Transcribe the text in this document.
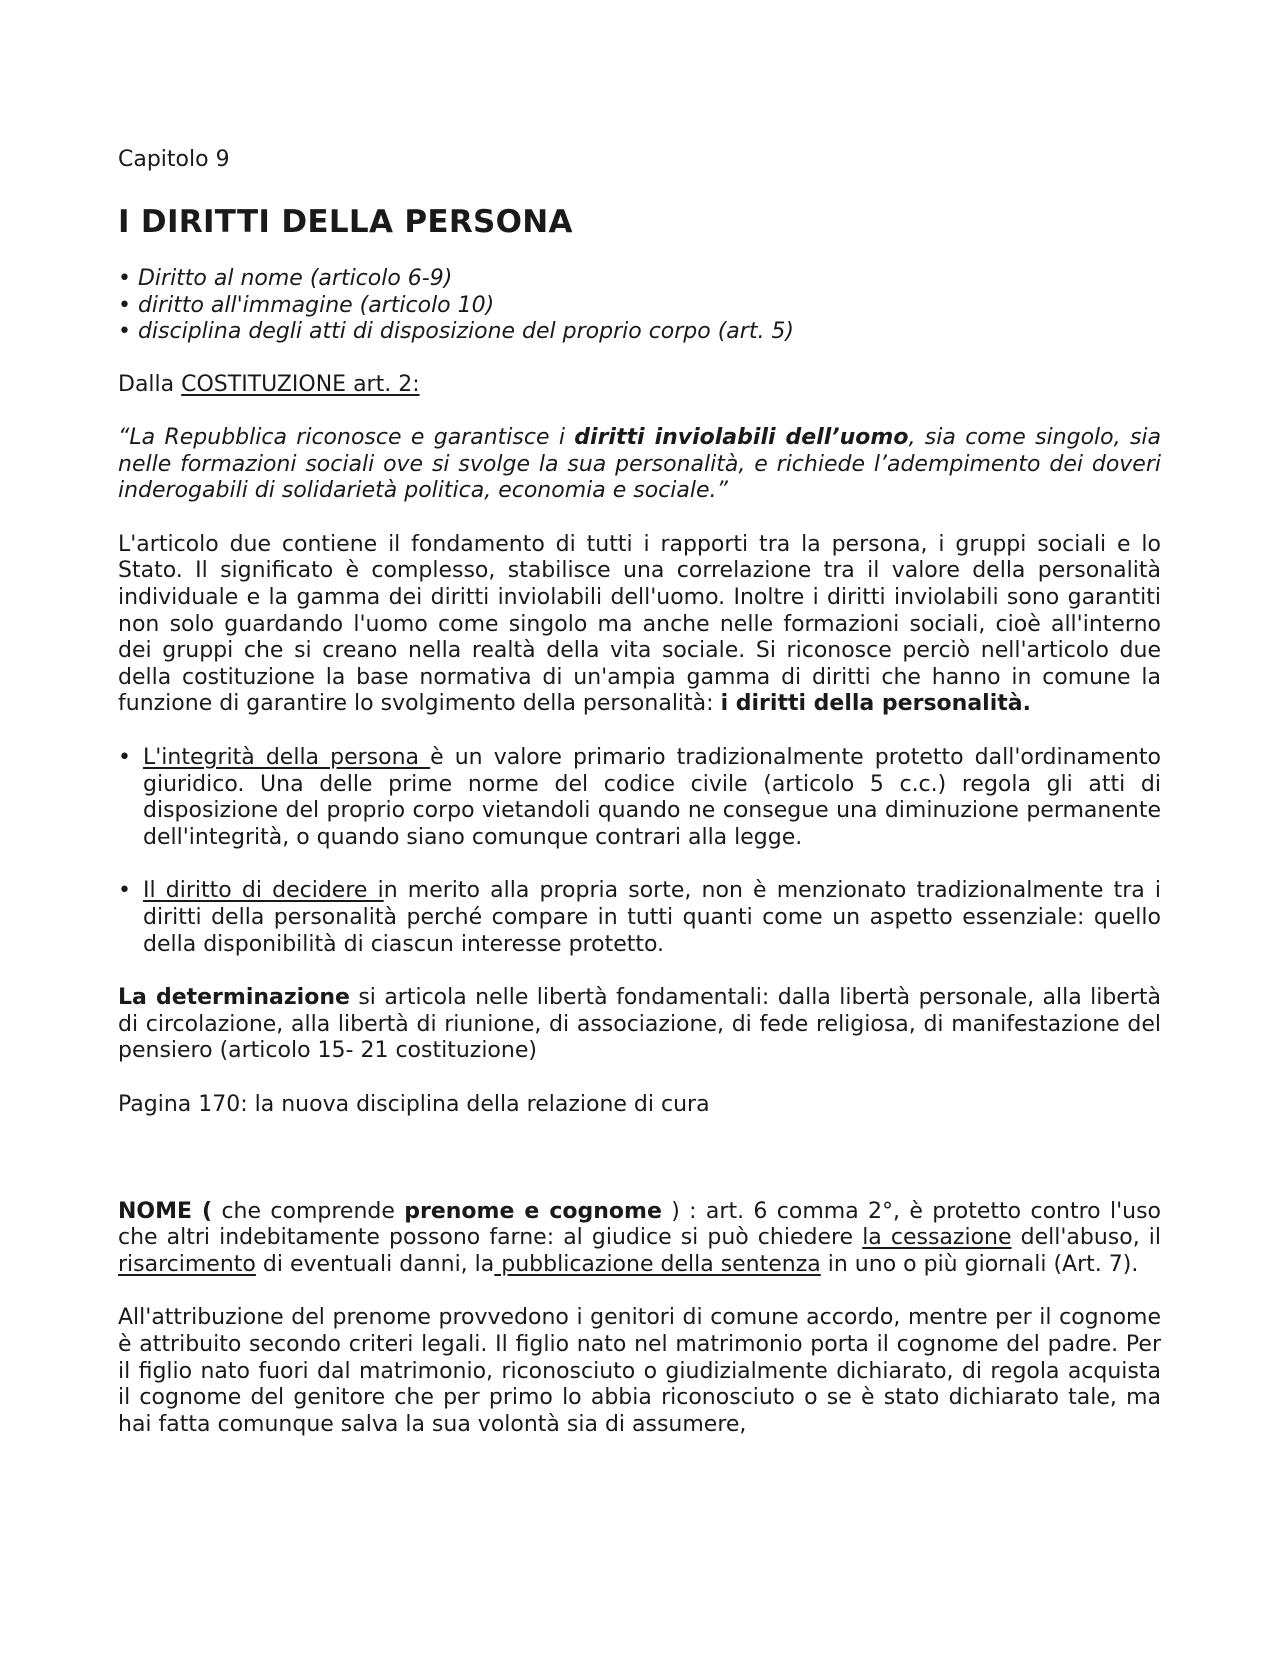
Capitolo 9
I DIRITTI DELLA PERSONA
• Diritto al nome (articolo 6-9)
• diritto all'immagine (articolo 10)
• disciplina degli atti di disposizione del proprio corpo (art. 5)

Dalla COSTITUZIONE art. 2:

“La Repubblica riconosce e garantisce i diritti inviolabili dell’uomo, sia come singolo, sia nelle formazioni sociali ove si svolge la sua personalità, e richiede l’adempimento dei doveri inderogabili di solidarietà politica, economia e sociale.”

L'articolo due contiene il fondamento di tutti i rapporti tra la persona, i gruppi sociali e lo Stato. Il significato è complesso, stabilisce una correlazione tra il valore della personalità individuale e la gamma dei diritti inviolabili dell'uomo. Inoltre i diritti inviolabili sono garantiti non solo guardando l'uomo come singolo ma anche nelle formazioni sociali, cioè all'interno dei gruppi che si creano nella realtà della vita sociale. Si riconosce perciò nell'articolo due della costituzione la base normativa di un'ampia gamma di diritti che hanno in comune la funzione di garantire lo svolgimento della personalità: i diritti della personalità.

• L'integrità della persona è un valore primario tradizionalmente protetto dall'ordinamento giuridico. Una delle prime norme del codice civile (articolo 5 c.c.) regola gli atti di disposizione del proprio corpo vietandoli quando ne consegue una diminuzione permanente dell'integrità, o quando siano comunque contrari alla legge.
• Il diritto di decidere in merito alla propria sorte, non è menzionato tradizionalmente tra i diritti della personalità perché compare in tutti quanti come un aspetto essenziale: quello della disponibilità di ciascun interesse protetto.

La determinazione si articola nelle libertà fondamentali: dalla libertà personale, alla libertà di circolazione, alla libertà di riunione, di associazione, di fede religiosa, di manifestazione del pensiero (articolo 15- 21 costituzione)

Pagina 170: la nuova disciplina della relazione di cura

NOME ( che comprende prenome e cognome ) : art. 6 comma 2°, è protetto contro l'uso che altri indebitamente possono farne: al giudice si può chiedere la cessazione dell'abuso, il risarcimento di eventuali danni, la pubblicazione della sentenza in uno o più giornali (Art. 7).

All'attribuzione del prenome provvedono i genitori di comune accordo, mentre per il cognome è attribuito secondo criteri legali. Il figlio nato nel matrimonio porta il cognome del padre. Per il figlio nato fuori dal matrimonio, riconosciuto o giudizialmente dichiarato, di regola acquista il cognome del genitore che per primo lo abbia riconosciuto o se è stato dichiarato tale, ma hai fatta comunque salva la sua volontà sia di assumere,
